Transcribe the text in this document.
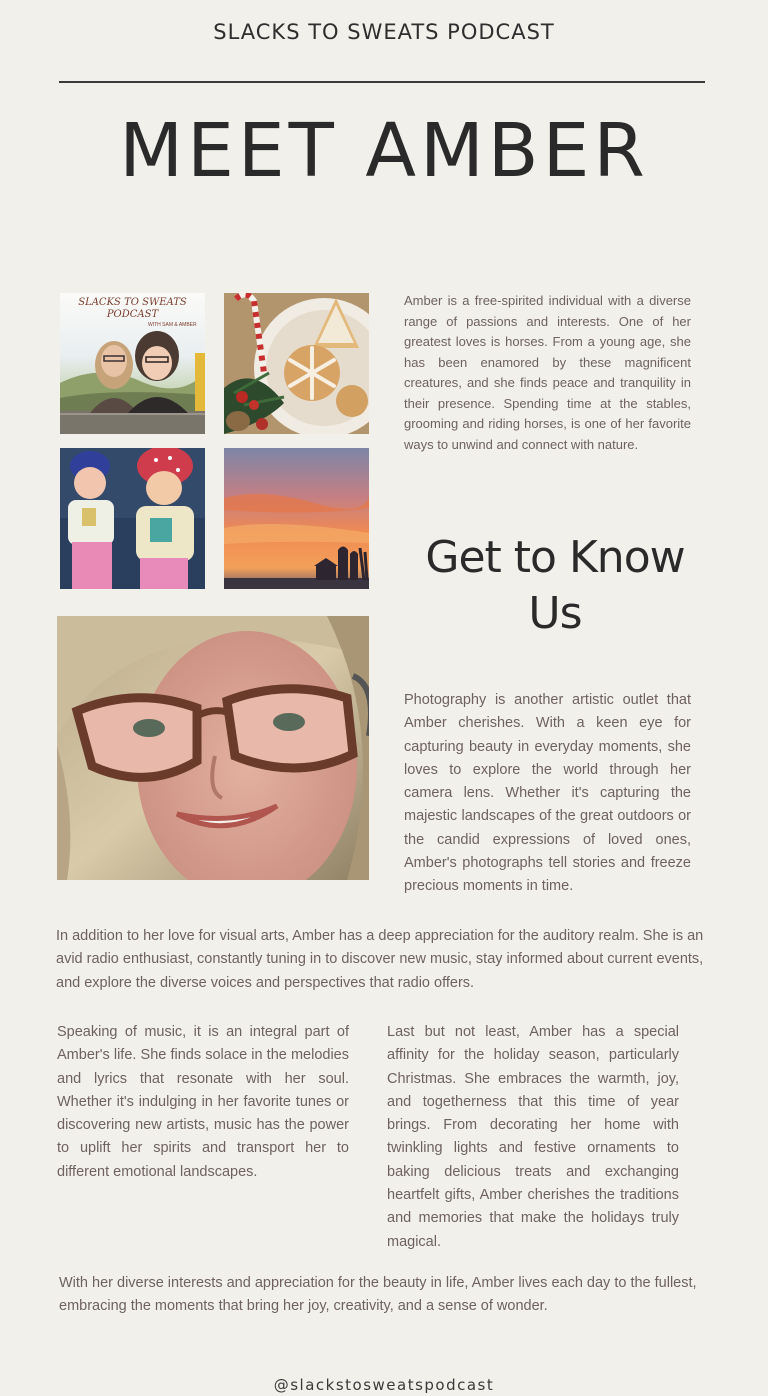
SLACKS TO SWEATS PODCAST
MEET AMBER
SLACKS TO SWEATS
PODCAST
WITH SAM & AMBER
Amber is a free-spirited individual with a diverse range of passions and interests. One of her greatest loves is horses. From a young age, she has been enamored by these magnificent creatures, and she finds peace and tranquility in their presence. Spending time at the stables, grooming and riding horses, is one of her favorite ways to unwind and connect with nature.
Get to Know
Us
Photography is another artistic outlet that Amber cherishes. With a keen eye for capturing beauty in everyday moments, she loves to explore the world through her camera lens. Whether it's capturing the majestic landscapes of the great outdoors or the candid expressions of loved ones, Amber's photographs tell stories and freeze precious moments in time.
In addition to her love for visual arts, Amber has a deep appreciation for the auditory realm. She is an avid radio enthusiast, constantly tuning in to discover new music, stay informed about current events, and explore the diverse voices and perspectives that radio offers.
Speaking of music, it is an integral part of Amber's life. She finds solace in the melodies and lyrics that resonate with her soul. Whether it's indulging in her favorite tunes or discovering new artists, music has the power to uplift her spirits and transport her to different emotional landscapes.
Last but not least, Amber has a special affinity for the holiday season, particularly Christmas. She embraces the warmth, joy, and togetherness that this time of year brings. From decorating her home with twinkling lights and festive ornaments to baking delicious treats and exchanging heartfelt gifts, Amber cherishes the traditions and memories that make the holidays truly magical.
With her diverse interests and appreciation for the beauty in life, Amber lives each day to the fullest, embracing the moments that bring her joy, creativity, and a sense of wonder.
@slackstosweatspodcast
